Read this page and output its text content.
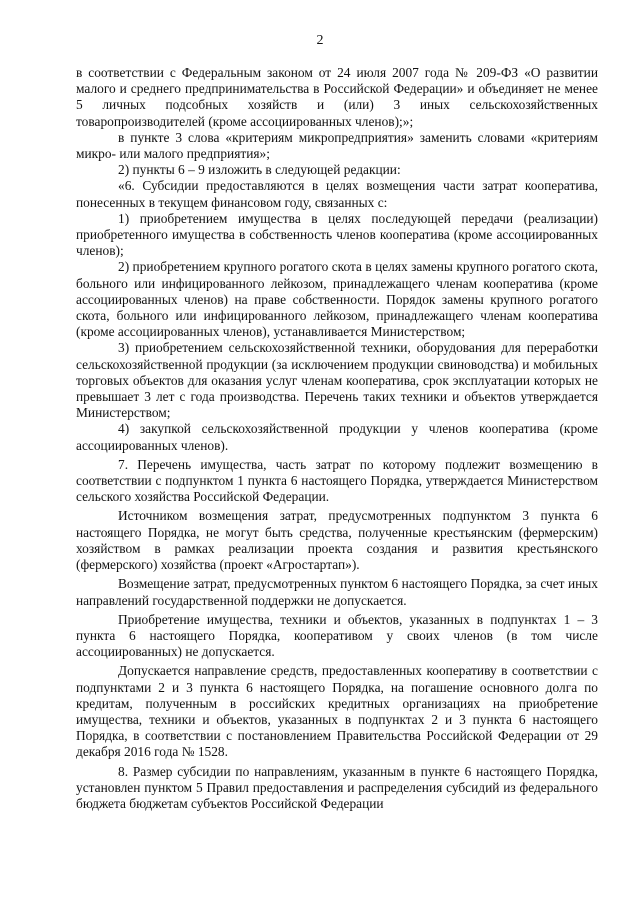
2

в соответствии с Федеральным законом от 24 июля 2007 года № 209-ФЗ «О развитии малого и среднего предпринимательства в Российской Федерации» и объединяет не менее 5 личных подсобных хозяйств и (или) 3 иных сельскохозяйственных товаропроизводителей (кроме ассоциированных членов);»;

в пункте 3 слова «критериям микропредприятия» заменить словами «критериям микро- или малого предприятия»;

2) пункты 6 – 9 изложить в следующей редакции:

«6. Субсидии предоставляются в целях возмещения части затрат кооператива, понесенных в текущем финансовом году, связанных с:

1) приобретением имущества в целях последующей передачи (реализации) приобретенного имущества в собственность членов кооператива (кроме ассоциированных членов);

2) приобретением крупного рогатого скота в целях замены крупного рогатого скота, больного или инфицированного лейкозом, принадлежащего членам кооператива (кроме ассоциированных членов) на праве собственности. Порядок замены крупного рогатого скота, больного или инфицированного лейкозом, принадлежащего членам кооператива (кроме ассоциированных членов), устанавливается Министерством;

3) приобретением сельскохозяйственной техники, оборудования для переработки сельскохозяйственной продукции (за исключением продукции свиноводства) и мобильных торговых объектов для оказания услуг членам кооператива, срок эксплуатации которых не превышает 3 лет с года производства. Перечень таких техники и объектов утверждается Министерством;

4) закупкой сельскохозяйственной продукции у членов кооператива (кроме ассоциированных членов).

7. Перечень имущества, часть затрат по которому подлежит возмещению в соответствии с подпунктом 1 пункта 6 настоящего Порядка, утверждается Министерством сельского хозяйства Российской Федерации.

Источником возмещения затрат, предусмотренных подпунктом 3 пункта 6 настоящего Порядка, не могут быть средства, полученные крестьянским (фермерским) хозяйством в рамках реализации проекта создания и развития крестьянского (фермерского) хозяйства (проект «Агростартап»).

Возмещение затрат, предусмотренных пунктом 6 настоящего Порядка, за счет иных направлений государственной поддержки не допускается.

Приобретение имущества, техники и объектов, указанных в подпунктах 1 – 3 пункта 6 настоящего Порядка, кооперативом у своих членов (в том числе ассоциированных) не допускается.

Допускается направление средств, предоставленных кооперативу в соответствии с подпунктами 2 и 3 пункта 6 настоящего Порядка, на погашение основного долга по кредитам, полученным в российских кредитных организациях на приобретение имущества, техники и объектов, указанных в подпунктах 2 и 3 пункта 6 настоящего Порядка, в соответствии с постановлением Правительства Российской Федерации от 29 декабря 2016 года № 1528.

8. Размер субсидии по направлениям, указанным в пункте 6 настоящего Порядка, установлен пунктом 5 Правил предоставления и распределения субсидий из федерального бюджета бюджетам субъектов Российской Федерации
